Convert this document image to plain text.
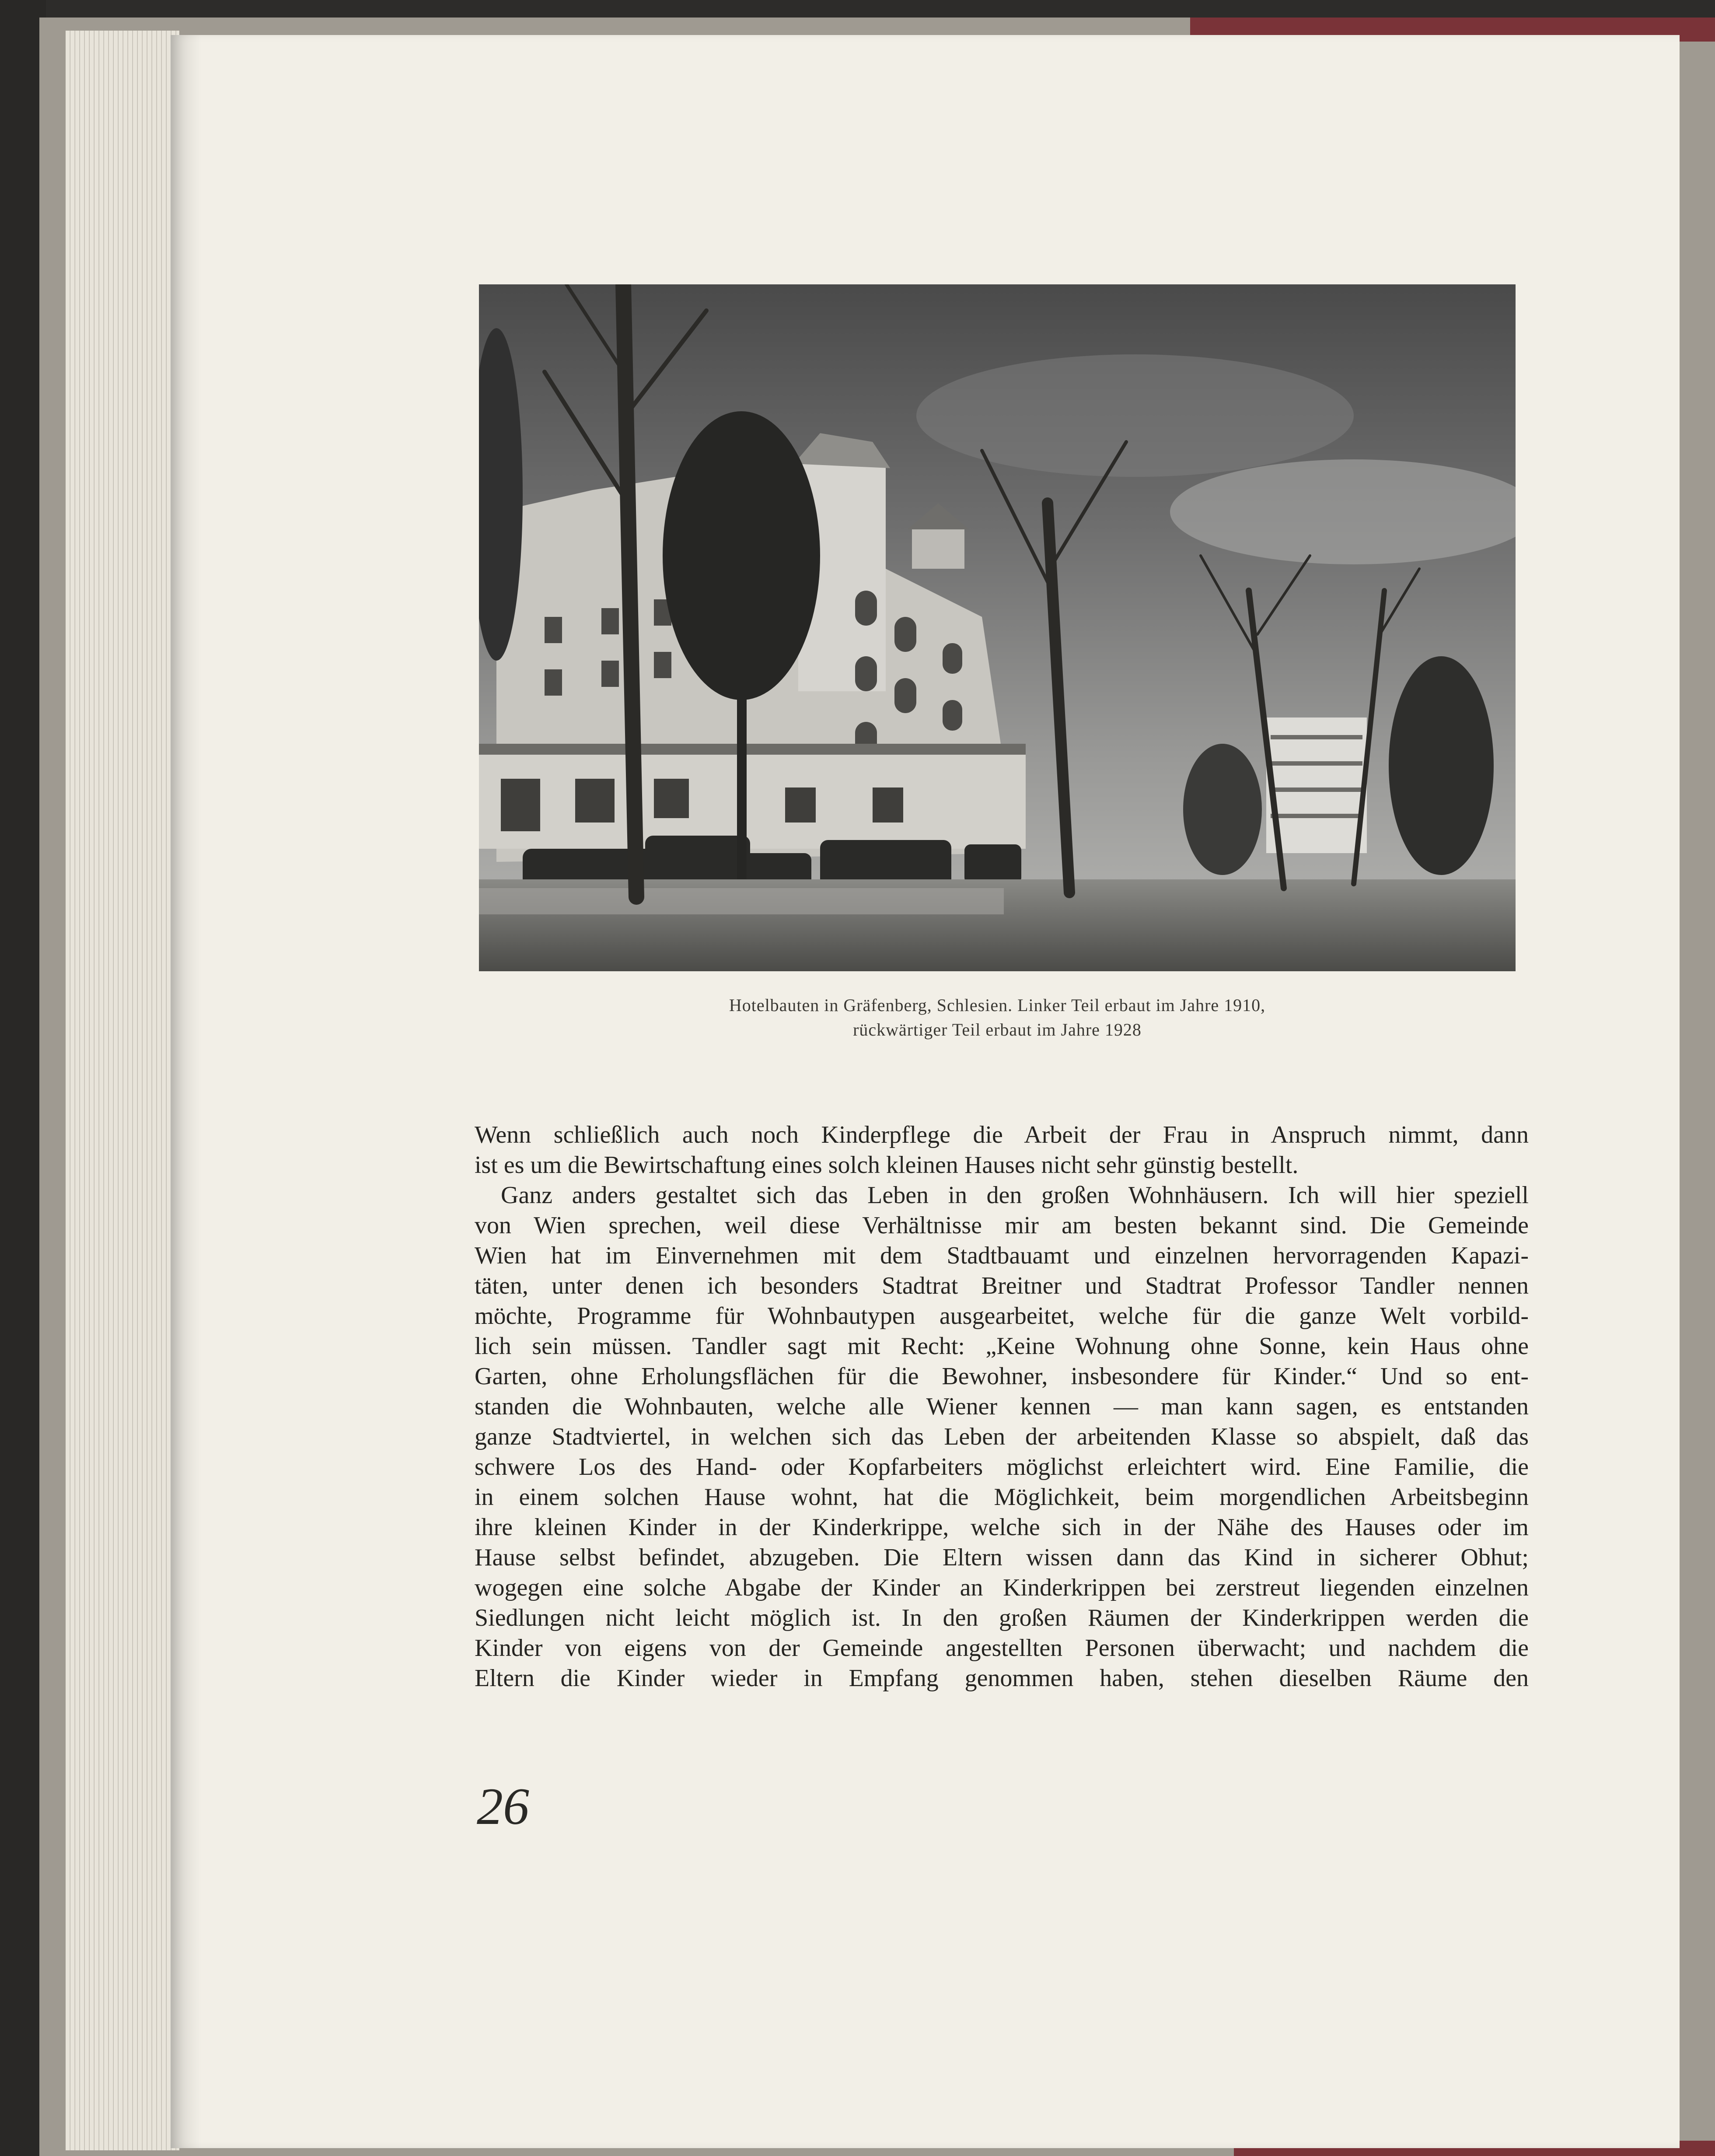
Hotelbauten in Gräfenberg, Schlesien. Linker Teil erbaut im Jahre 1910,
rückwärtiger Teil erbaut im Jahre 1928
Wenn schließlich auch noch Kinderpflege die Arbeit der Frau in Anspruch nimmt, dann
ist es um die Bewirtschaftung eines solch kleinen Hauses nicht sehr günstig bestellt.
Ganz anders gestaltet sich das Leben in den großen Wohnhäusern. Ich will hier speziell
von Wien sprechen, weil diese Verhältnisse mir am besten bekannt sind. Die Gemeinde
Wien hat im Einvernehmen mit dem Stadtbauamt und einzelnen hervorragenden Kapazi-
täten, unter denen ich besonders Stadtrat Breitner und Stadtrat Professor Tandler nennen
möchte, Programme für Wohnbautypen ausgearbeitet, welche für die ganze Welt vorbild-
lich sein müssen. Tandler sagt mit Recht: „Keine Wohnung ohne Sonne, kein Haus ohne
Garten, ohne Erholungsflächen für die Bewohner, insbesondere für Kinder.“ Und so ent-
standen die Wohnbauten, welche alle Wiener kennen — man kann sagen, es entstanden
ganze Stadtviertel, in welchen sich das Leben der arbeitenden Klasse so abspielt, daß das
schwere Los des Hand- oder Kopfarbeiters möglichst erleichtert wird. Eine Familie, die
in einem solchen Hause wohnt, hat die Möglichkeit, beim morgendlichen Arbeitsbeginn
ihre kleinen Kinder in der Kinderkrippe, welche sich in der Nähe des Hauses oder im
Hause selbst befindet, abzugeben. Die Eltern wissen dann das Kind in sicherer Obhut;
wogegen eine solche Abgabe der Kinder an Kinderkrippen bei zerstreut liegenden einzelnen
Siedlungen nicht leicht möglich ist. In den großen Räumen der Kinderkrippen werden die
Kinder von eigens von der Gemeinde angestellten Personen überwacht; und nachdem die
Eltern die Kinder wieder in Empfang genommen haben, stehen dieselben Räume den
26
